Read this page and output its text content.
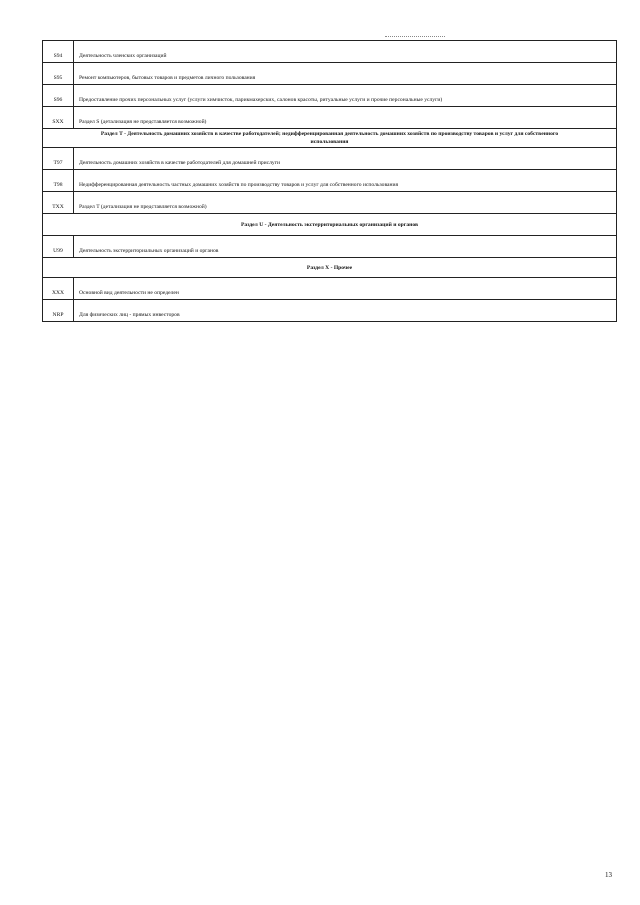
S94	Деятельность членских организаций
S95	Ремонт компьютеров, бытовых товаров и предметов личного пользования
S96	Предоставление прочих персональных услуг (услуги химчисток, парикмахерских, салонов красоты, ритуальные услуги и прочие персональные услуги)
SXX	Раздел S (детализация не представляется возможной)
Раздел T - Деятельность домашних хозяйств в качестве работодателей; недифференцированная деятельность домашних хозяйств по производству товаров и услуг для собственного использования	
T97	Деятельность домашних хозяйств в качестве работодателей для домашней прислуги
T98	Недифференцированная деятельность частных домашних хозяйств по производству товаров и услуг для собственного использования
TXX	Раздел T (детализация не представляется возможной)
Раздел U - Деятельность экстерриториальных организаций и органов	
U99	Деятельность экстерриториальных организаций и органов
Раздел X - Прочее	
XXX	Основной вид деятельности не определен
NRP	Для физических лиц - прямых инвесторов
13
